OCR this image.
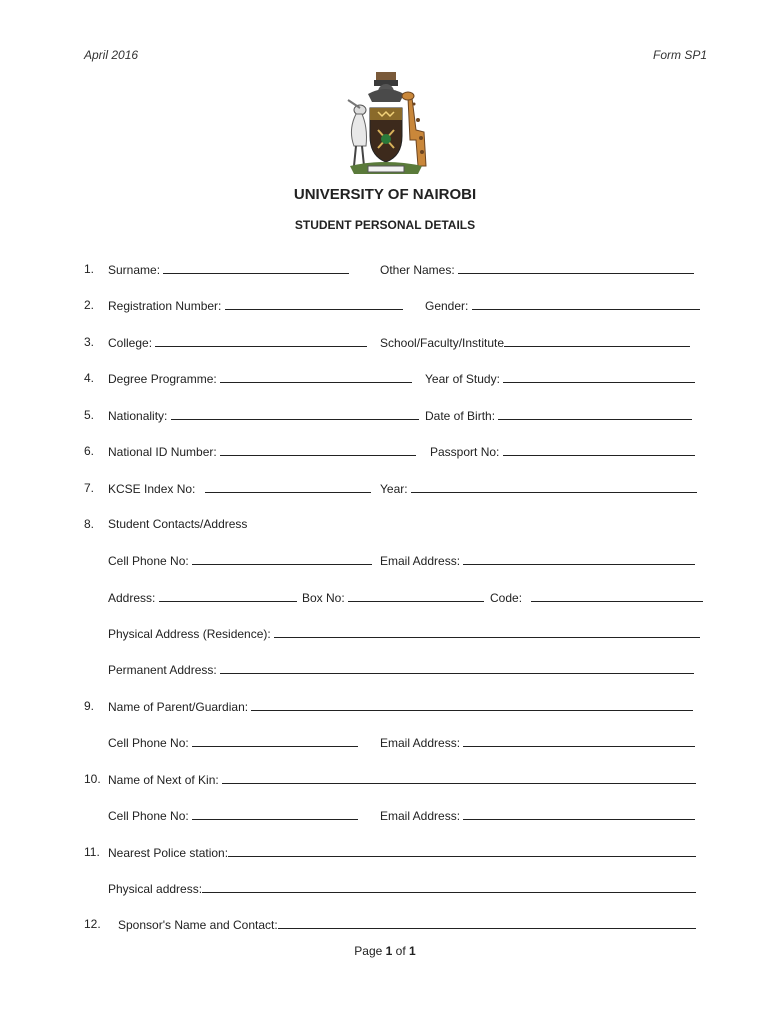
April 2016	Form SP1
UNIVERSITY OF NAIROBI
STUDENT PERSONAL DETAILS
1. Surname:	Other Names:
2. Registration Number:	Gender:
3. College:	School/Faculty/Institute
4. Degree Programme:	Year of Study:
5. Nationality:	Date of Birth:
6. National ID Number:	Passport No:
7. KCSE Index No:	Year:
8. Student Contacts/Address
Cell Phone No:	Email Address:
Address:	Box No:	Code:
Physical Address (Residence):
Permanent Address:
9. Name of Parent/Guardian:
Cell Phone No:	Email Address:
10. Name of Next of Kin:
Cell Phone No:	Email Address:
11. Nearest Police station:
Physical address:
12. Sponsor's Name and Contact:
Page 1 of 1
